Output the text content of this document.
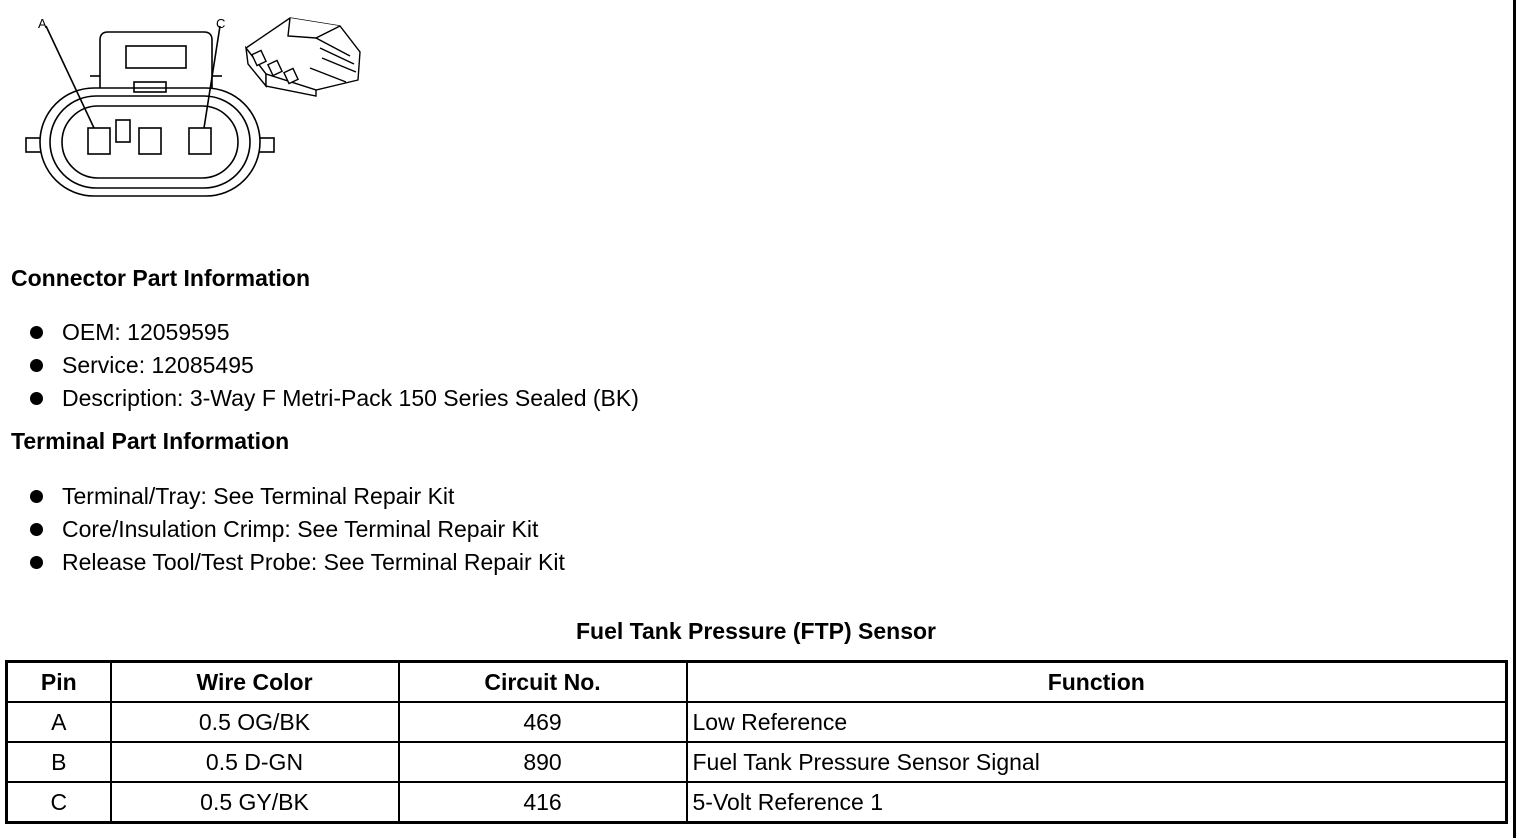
A	C
Connector Part Information
OEM: 12059595
Service: 12085495
Description: 3-Way F Metri-Pack 150 Series Sealed (BK)
Terminal Part Information
Terminal/Tray: See Terminal Repair Kit
Core/Insulation Crimp: See Terminal Repair Kit
Release Tool/Test Probe: See Terminal Repair Kit
Fuel Tank Pressure (FTP) Sensor
Pin	Wire Color	Circuit No.	Function
A	0.5 OG/BK	469	Low Reference
B	0.5 D-GN	890	Fuel Tank Pressure Sensor Signal
C	0.5 GY/BK	416	5-Volt Reference 1
